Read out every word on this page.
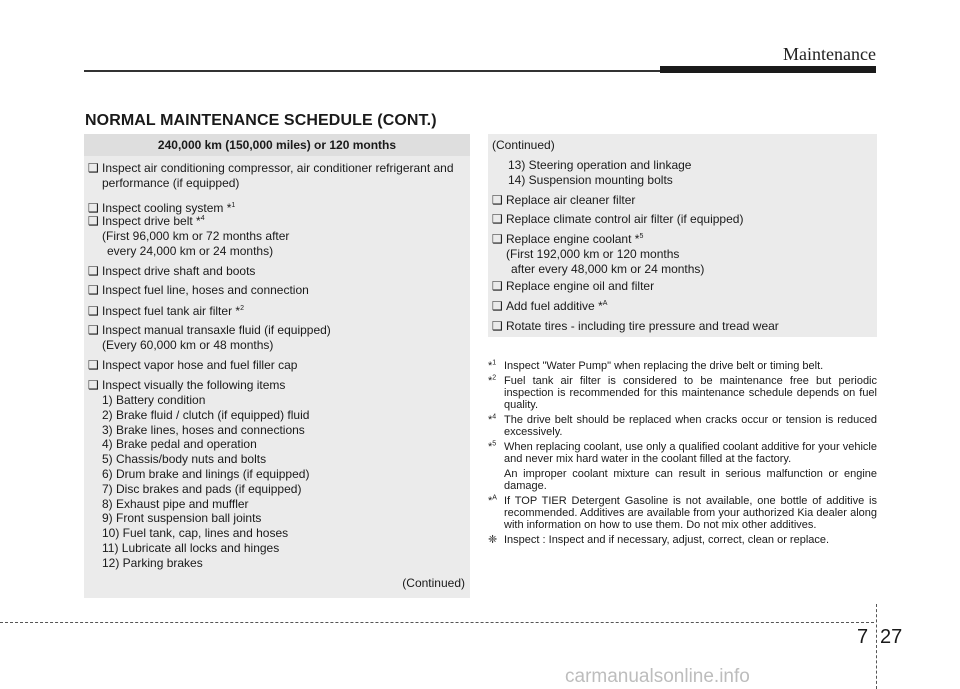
Maintenance
NORMAL MAINTENANCE SCHEDULE (CONT.)
240,000 km (150,000 miles) or 120 months
❑ Inspect air conditioning compressor, air conditioner refrigerant and
performance (if equipped)
❑ Inspect cooling system *$^1$
❑ Inspect drive belt *$^4$
(First 96,000 km or 72 months after
every 24,000 km or 24 months)
❑ Inspect drive shaft and boots
❑ Inspect fuel line, hoses and connection
❑ Inspect fuel tank air filter *$^2$
❑ Inspect manual transaxle fluid (if equipped)
(Every 60,000 km or 48 months)
❑ Inspect vapor hose and fuel filler cap
❑ Inspect visually the following items
1) Battery condition
2) Brake fluid / clutch (if equipped) fluid
3) Brake lines, hoses and connections
4) Brake pedal and operation
5) Chassis/body nuts and bolts
6) Drum brake and linings (if equipped)
7) Disc brakes and pads (if equipped)
8) Exhaust pipe and muffler
9) Front suspension ball joints
10) Fuel tank, cap, lines and hoses
11) Lubricate all locks and hinges
12) Parking brakes
(Continued)
(Continued)
13) Steering operation and linkage
14) Suspension mounting bolts
❑ Replace air cleaner filter
❑ Replace climate control air filter (if equipped)
❑ Replace engine coolant *$^5$
(First 192,000 km or 120 months
after every 48,000 km or 24 months)
❑ Replace engine oil and filter
❑ Add fuel additive *$^A$
❑ Rotate tires - including tire pressure and tread wear
*$^1$ Inspect "Water Pump" when replacing the drive belt or timing belt.

*$^2$ Fuel tank air filter is considered to be maintenance free but periodic inspection is recommended for this maintenance schedule depends on fuel quality.

*$^4$ The drive belt should be replaced when cracks occur or tension is reduced excessively.

*$^5$ When replacing coolant, use only a qualified coolant additive for your vehicle and never mix hard water in the coolant filled at the factory.

An improper coolant mixture can result in serious malfunction or engine damage.

*$^A$ If TOP TIER Detergent Gasoline is not available, one bottle of additive is recommended. Additives are available from your authorized Kia dealer along with information on how to use them. Do not mix other additives.

❈ Inspect : Inspect and if necessary, adjust, correct, clean or replace.

7 27
carmanualsonline.info
